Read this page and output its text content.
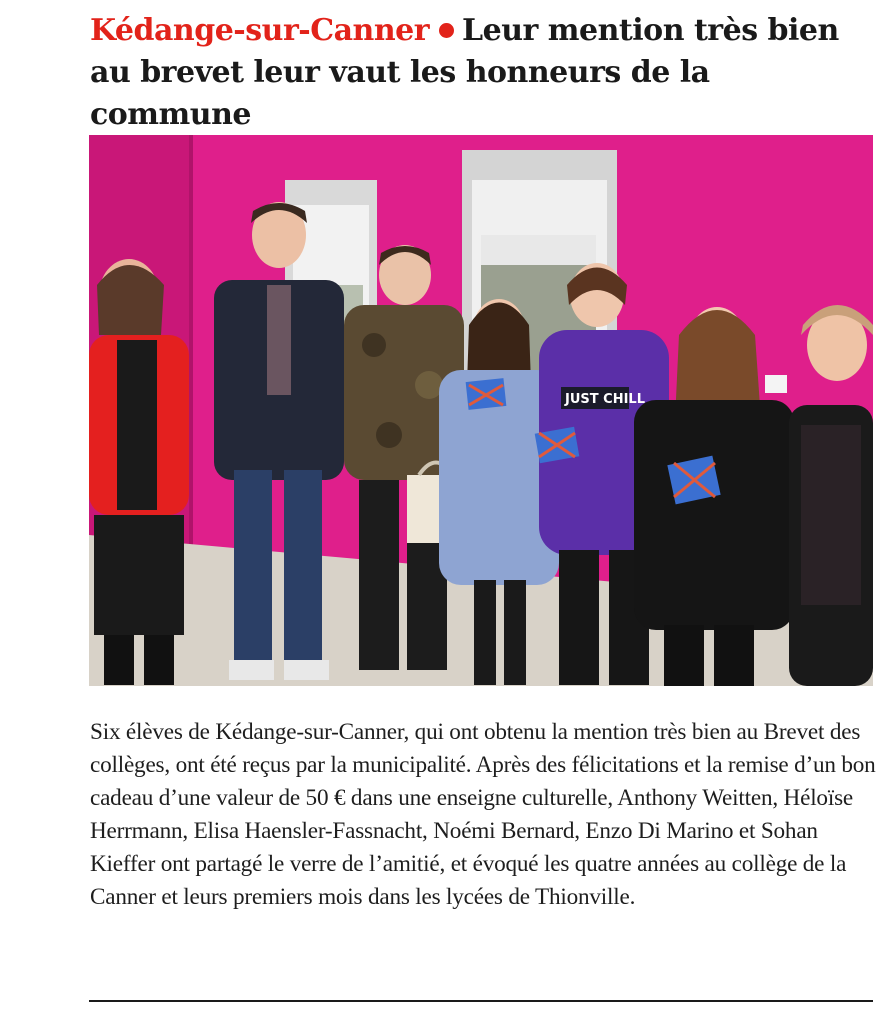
Kédange-sur-Canner Leur mention très bien
au brevet leur vaut les honneurs de la commune
JUST CHILL
Six élèves de Kédange-sur-Canner, qui ont obtenu la mention très bien au Brevet des collèges, ont été reçus par la municipalité. Après des félicitations et la remise d’un bon cadeau d’une valeur de 50 € dans une enseigne culturelle, Anthony Weitten, Héloïse Herrmann, Elisa Haensler-Fassnacht, Noémi Bernard, Enzo Di Marino et Sohan Kieffer ont partagé le verre de l’amitié, et évoqué les quatre années au collège de la Canner et leurs premiers mois dans les lycées de Thionville.
